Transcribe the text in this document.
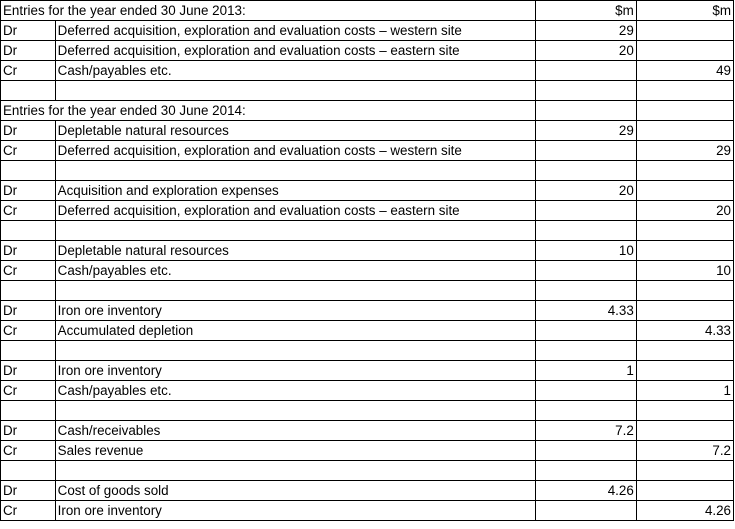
Entries for the year ended 30 June 2013:		$m	$m
Dr	Deferred acquisition, exploration and evaluation costs – western site	29	
Dr	Deferred acquisition, exploration and evaluation costs – eastern site	20	
Cr	Cash/payables etc.		49

Entries for the year ended 30 June 2014:			
Dr	Depletable natural resources	29	
Cr	Deferred acquisition, exploration and evaluation costs – western site		29

Dr	Acquisition and exploration expenses	20	
Cr	Deferred acquisition, exploration and evaluation costs – eastern site		20

Dr	Depletable natural resources	10	
Cr	Cash/payables etc.		10

Dr	Iron ore inventory	4.33	
Cr	Accumulated depletion		4.33

Dr	Iron ore inventory	1	
Cr	Cash/payables etc.		1

Dr	Cash/receivables	7.2	
Cr	Sales revenue		7.2

Dr	Cost of goods sold	4.26	
Cr	Iron ore inventory		4.26
